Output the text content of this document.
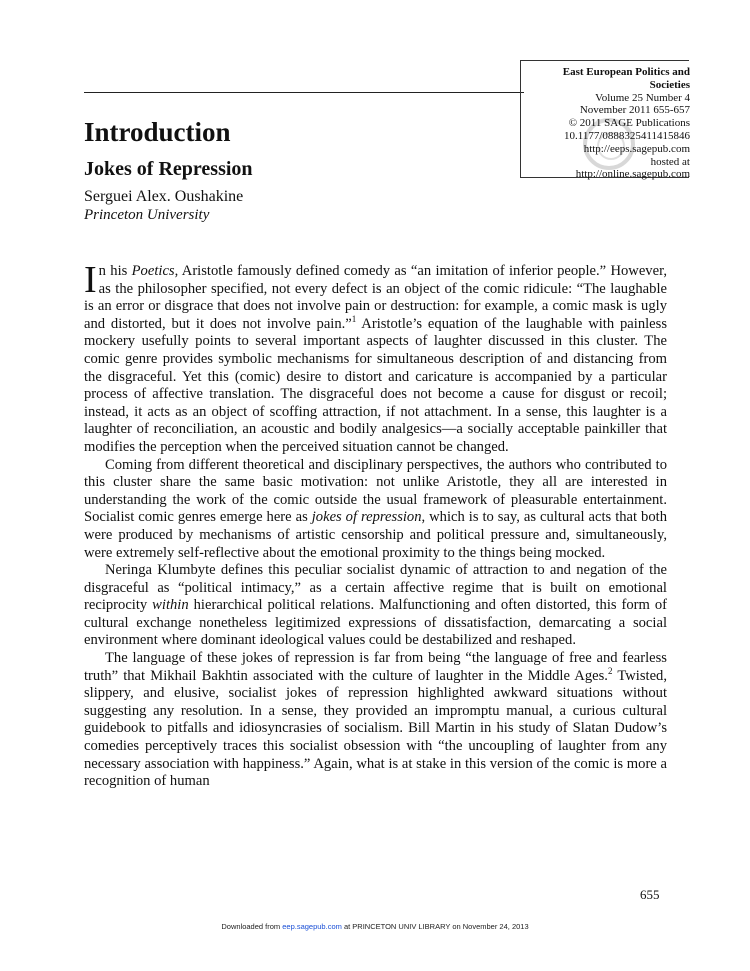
East European Politics and Societies
Volume 25 Number 4
November 2011 655-657
© 2011 SAGE Publications
10.1177/0888325411415846
http://eeps.sagepub.com
hosted at
http://online.sagepub.com
Introduction
Jokes of Repression
Serguei Alex. Oushakine
Princeton University

In his Poetics, Aristotle famously defined comedy as “an imitation of inferior people.” However, as the philosopher specified, not every defect is an object of the comic ridicule: “The laughable is an error or disgrace that does not involve pain or destruction: for example, a comic mask is ugly and distorted, but it does not involve pain.”$^1$ Aristotle’s equation of the laughable with painless mockery usefully points to several important aspects of laughter discussed in this cluster. The comic genre provides symbolic mechanisms for simultaneous description of and distancing from the disgraceful. Yet this (comic) desire to distort and caricature is accompanied by a particular process of affective translation. The disgraceful does not become a cause for disgust or recoil; instead, it acts as an object of scoffing attraction, if not attachment. In a sense, this laughter is a laughter of reconciliation, an acoustic and bodily analgesics—a socially acceptable painkiller that modifies the perception when the perceived situation cannot be changed.

Coming from different theoretical and disciplinary perspectives, the authors who contributed to this cluster share the same basic motivation: not unlike Aristotle, they all are interested in understanding the work of the comic outside the usual framework of pleasurable entertainment. Socialist comic genres emerge here as jokes of repression, which is to say, as cultural acts that both were produced by mechanisms of artistic censorship and political pressure and, simultaneously, were extremely self-reflective about the emotional proximity to the things being mocked.

Neringa Klumbyte defines this peculiar socialist dynamic of attraction to and negation of the disgraceful as “political intimacy,” as a certain affective regime that is built on emotional reciprocity within hierarchical political relations. Malfunctioning and often distorted, this form of cultural exchange nonetheless legitimized expressions of dissatisfaction, demarcating a social environment where dominant ideological values could be destabilized and reshaped.

The language of these jokes of repression is far from being “the language of free and fearless truth” that Mikhail Bakhtin associated with the culture of laughter in the Middle Ages.$^2$ Twisted, slippery, and elusive, socialist jokes of repression highlighted awkward situations without suggesting any resolution. In a sense, they provided an impromptu manual, a curious cultural guidebook to pitfalls and idiosyncrasies of socialism. Bill Martin in his study of Slatan Dudow’s comedies perceptively traces this socialist obsession with “the uncoupling of laughter from any necessary association with happiness.” Again, what is at stake in this version of the comic is more a recognition of human

655
Downloaded from eep.sagepub.com at PRINCETON UNIV LIBRARY on November 24, 2013
